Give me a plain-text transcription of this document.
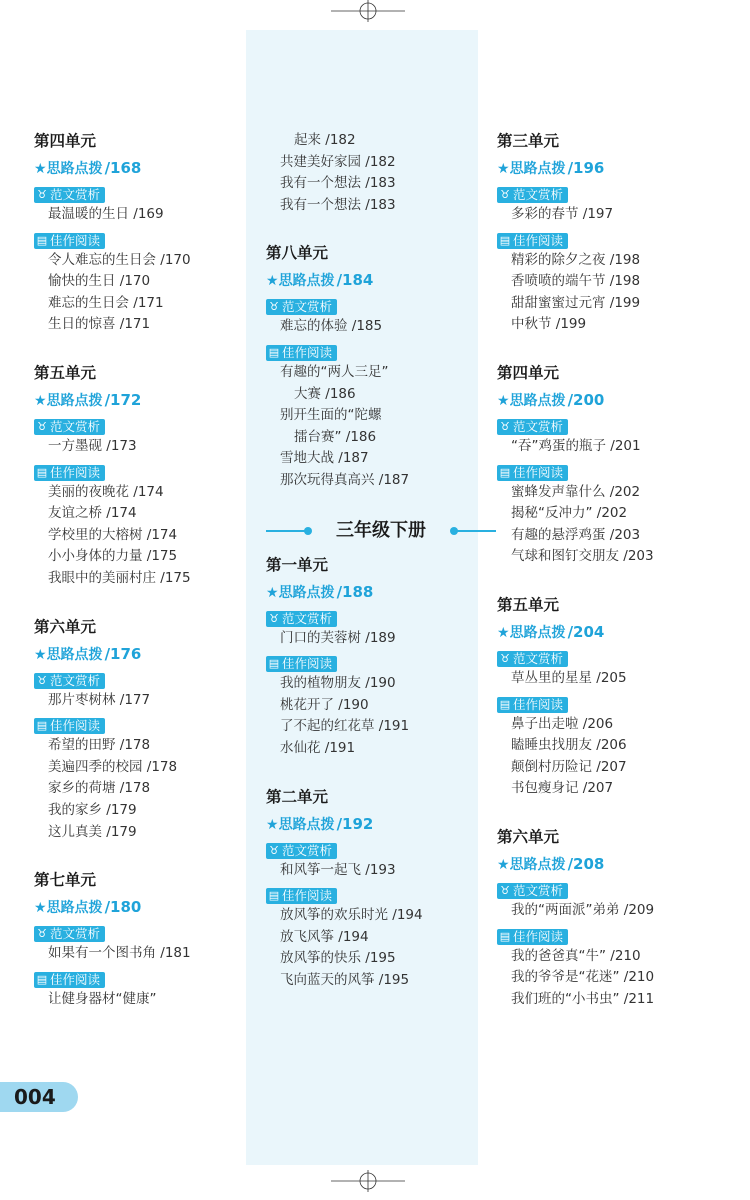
第四单元
★思路点拨 /168
♉ 范文赏析
最温暖的生日 /169
▤ 佳作阅读
令人难忘的生日会 /170
愉快的生日 /170
难忘的生日会 /171
生日的惊喜 /171
第五单元
★思路点拨 /172
♉ 范文赏析
一方墨砚 /173
▤ 佳作阅读
美丽的夜晚花 /174
友谊之桥 /174
学校里的大榕树 /174
小小身体的力量 /175
我眼中的美丽村庄 /175
第六单元
★思路点拨 /176
♉ 范文赏析
那片枣树林 /177
▤ 佳作阅读
希望的田野 /178
美遍四季的校园 /178
家乡的荷塘 /178
我的家乡 /179
这儿真美 /179
第七单元
★思路点拨 /180
♉ 范文赏析
如果有一个图书角 /181
▤ 佳作阅读
让健身器材“健康”
起来 /182
共建美好家园 /182
我有一个想法 /183
我有一个想法 /183
第八单元
★思路点拨 /184
♉ 范文赏析
难忘的体验 /185
▤ 佳作阅读
有趣的“两人三足”
大赛 /186
别开生面的“陀螺
擂台赛” /186
雪地大战 /187
那次玩得真高兴 /187
三年级下册
第一单元
★思路点拨 /188
♉ 范文赏析
门口的芙蓉树 /189
▤ 佳作阅读
我的植物朋友 /190
桃花开了 /190
了不起的红花草 /191
水仙花 /191
第二单元
★思路点拨 /192
♉ 范文赏析
和风筝一起飞 /193
▤ 佳作阅读
放风筝的欢乐时光 /194
放飞风筝 /194
放风筝的快乐 /195
飞向蓝天的风筝 /195
第三单元
★思路点拨 /196
♉ 范文赏析
多彩的春节 /197
▤ 佳作阅读
精彩的除夕之夜 /198
香喷喷的端午节 /198
甜甜蜜蜜过元宵 /199
中秋节 /199
第四单元
★思路点拨 /200
♉ 范文赏析
“吞”鸡蛋的瓶子 /201
▤ 佳作阅读
蜜蜂发声靠什么 /202
揭秘“反冲力” /202
有趣的悬浮鸡蛋 /203
气球和图钉交朋友 /203
第五单元
★思路点拨 /204
♉ 范文赏析
草丛里的星星 /205
▤ 佳作阅读
鼻子出走啦 /206
瞌睡虫找朋友 /206
颠倒村历险记 /207
书包瘦身记 /207
第六单元
★思路点拨 /208
♉ 范文赏析
我的“两面派”弟弟 /209
▤ 佳作阅读
我的爸爸真“牛” /210
我的爷爷是“花迷” /210
我们班的“小书虫” /211
004
